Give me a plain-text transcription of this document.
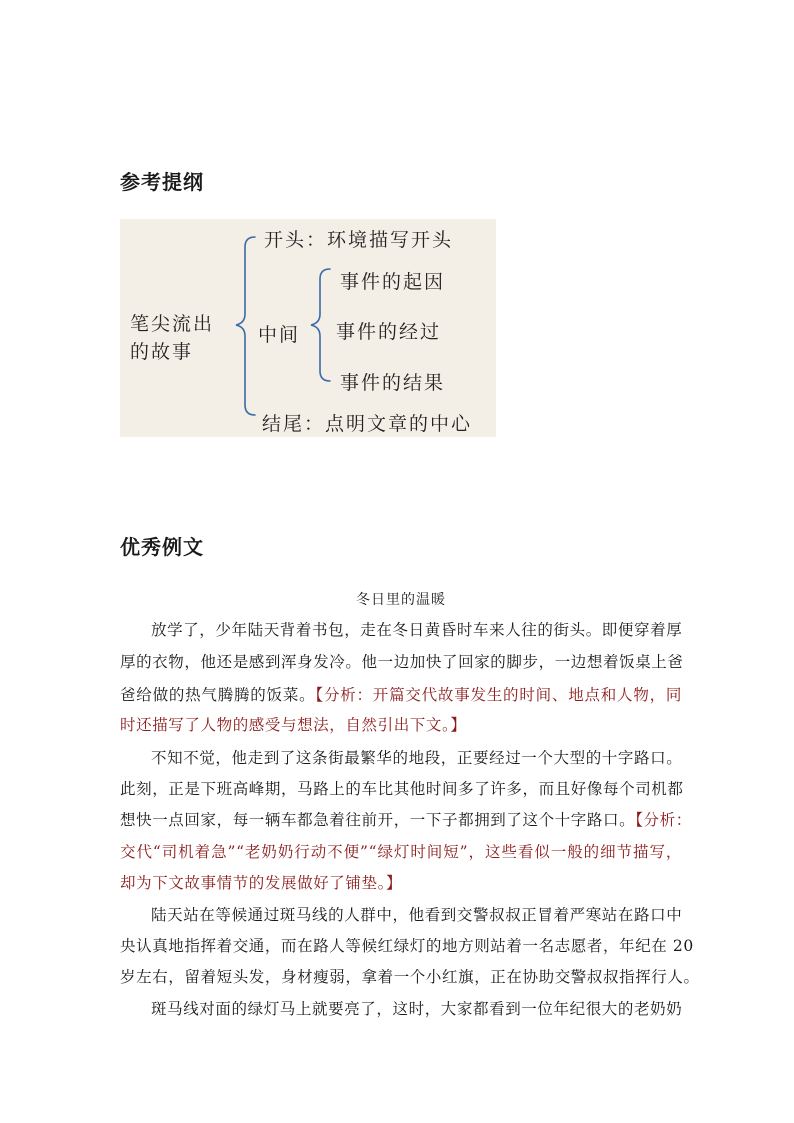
参考提纲
笔尖流出
的故事
开头：环境描写开头
中间
事件的起因
事件的经过
事件的结果
结尾：点明文章的中心
优秀例文
冬日里的温暖
放学了，少年陆天背着书包，走在冬日黄昏时车来人往的街头。即便穿着厚
厚的衣物，他还是感到浑身发冷。他一边加快了回家的脚步，一边想着饭桌上爸
爸给做的热气腾腾的饭菜。【分析：开篇交代故事发生的时间、地点和人物，同
时还描写了人物的感受与想法，自然引出下文。】
不知不觉，他走到了这条街最繁华的地段，正要经过一个大型的十字路口。
此刻，正是下班高峰期，马路上的车比其他时间多了许多，而且好像每个司机都
想快一点回家，每一辆车都急着往前开，一下子都拥到了这个十字路口。【分析：
交代“司机着急”“老奶奶行动不便”“绿灯时间短”，这些看似一般的细节描写，
却为下文故事情节的发展做好了铺垫。】
陆天站在等候通过斑马线的人群中，他看到交警叔叔正冒着严寒站在路口中
央认真地指挥着交通，而在路人等候红绿灯的地方则站着一名志愿者，年纪在 20
岁左右，留着短头发，身材瘦弱，拿着一个小红旗，正在协助交警叔叔指挥行人。
斑马线对面的绿灯马上就要亮了，这时，大家都看到一位年纪很大的老奶奶
